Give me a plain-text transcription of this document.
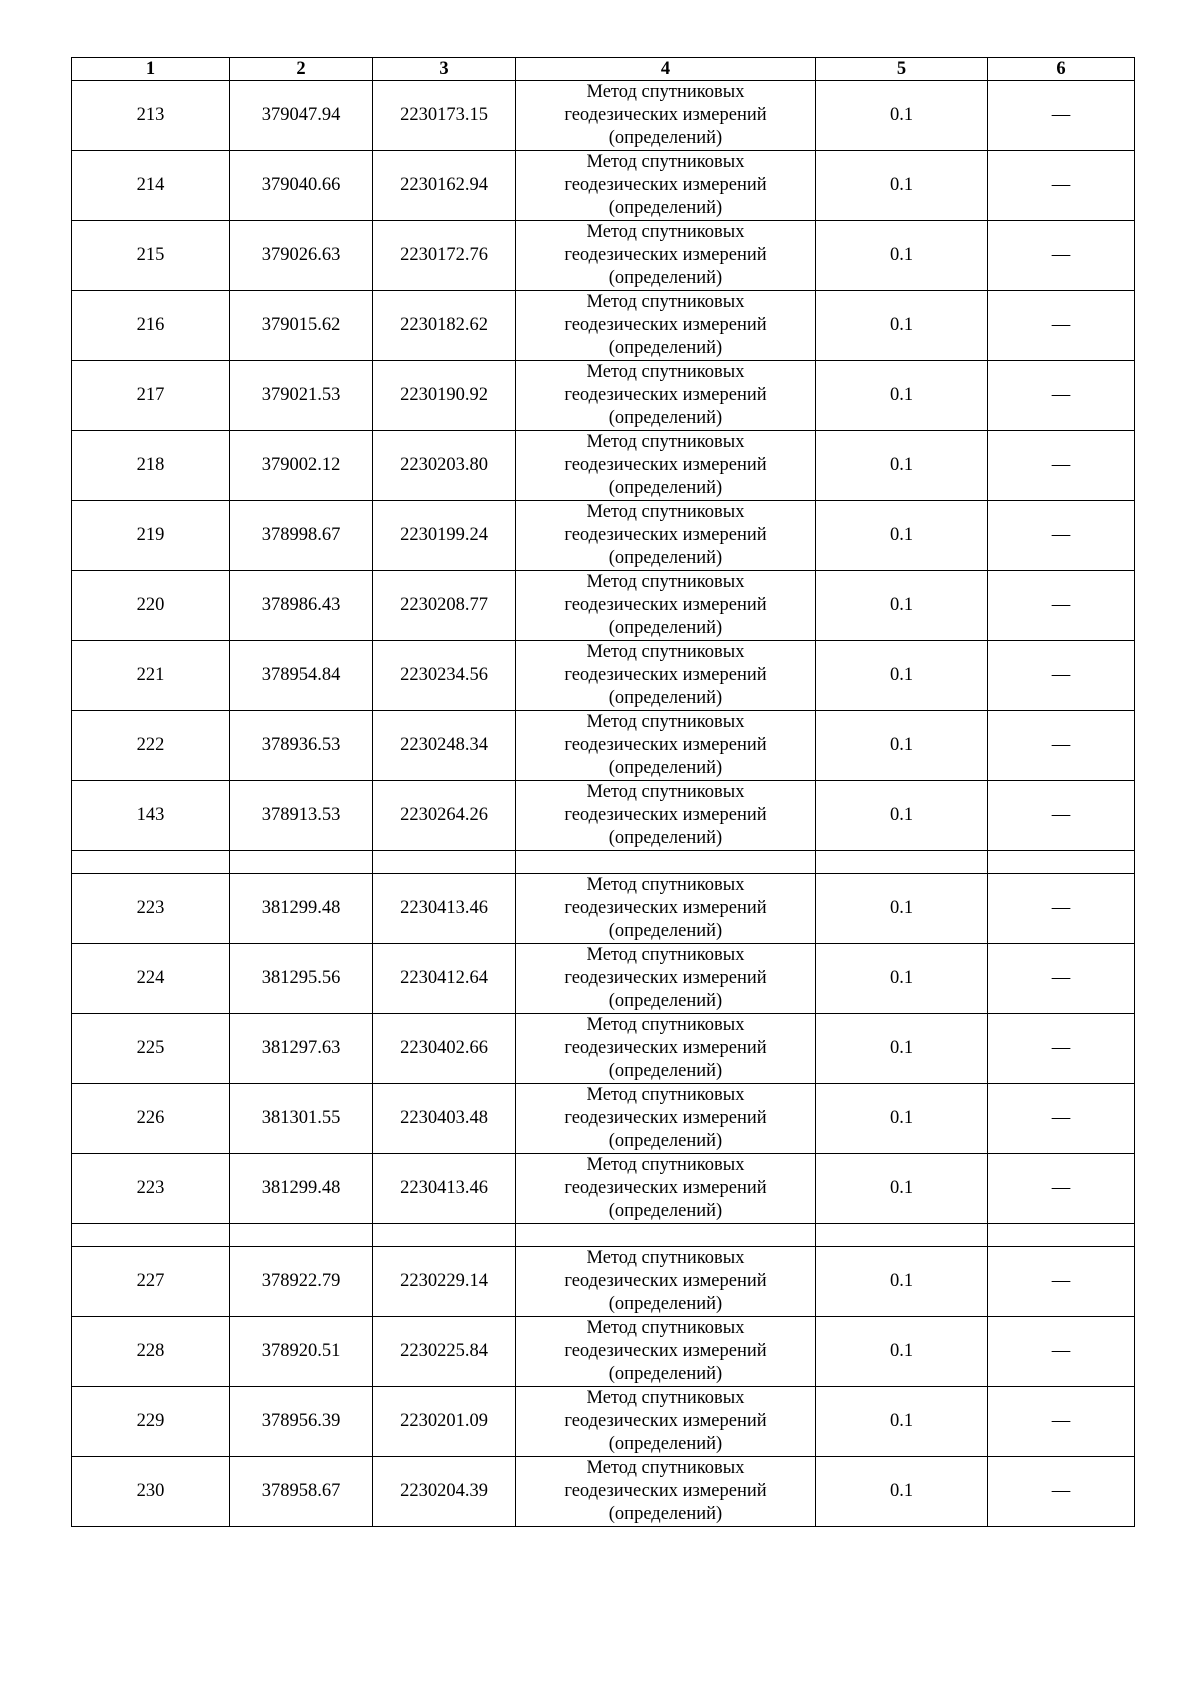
1	2	3	4	5	6
213	379047.94	2230173.15	Метод спутниковых геодезических измерений (определений)	0.1	—
214	379040.66	2230162.94	Метод спутниковых геодезических измерений (определений)	0.1	—
215	379026.63	2230172.76	Метод спутниковых геодезических измерений (определений)	0.1	—
216	379015.62	2230182.62	Метод спутниковых геодезических измерений (определений)	0.1	—
217	379021.53	2230190.92	Метод спутниковых геодезических измерений (определений)	0.1	—
218	379002.12	2230203.80	Метод спутниковых геодезических измерений (определений)	0.1	—
219	378998.67	2230199.24	Метод спутниковых геодезических измерений (определений)	0.1	—
220	378986.43	2230208.77	Метод спутниковых геодезических измерений (определений)	0.1	—
221	378954.84	2230234.56	Метод спутниковых геодезических измерений (определений)	0.1	—
222	378936.53	2230248.34	Метод спутниковых геодезических измерений (определений)	0.1	—
143	378913.53	2230264.26	Метод спутниковых геодезических измерений (определений)	0.1	—

223	381299.48	2230413.46	Метод спутниковых геодезических измерений (определений)	0.1	—
224	381295.56	2230412.64	Метод спутниковых геодезических измерений (определений)	0.1	—
225	381297.63	2230402.66	Метод спутниковых геодезических измерений (определений)	0.1	—
226	381301.55	2230403.48	Метод спутниковых геодезических измерений (определений)	0.1	—
223	381299.48	2230413.46	Метод спутниковых геодезических измерений (определений)	0.1	—

227	378922.79	2230229.14	Метод спутниковых геодезических измерений (определений)	0.1	—
228	378920.51	2230225.84	Метод спутниковых геодезических измерений (определений)	0.1	—
229	378956.39	2230201.09	Метод спутниковых геодезических измерений (определений)	0.1	—
230	378958.67	2230204.39	Метод спутниковых геодезических измерений (определений)	0.1	—
